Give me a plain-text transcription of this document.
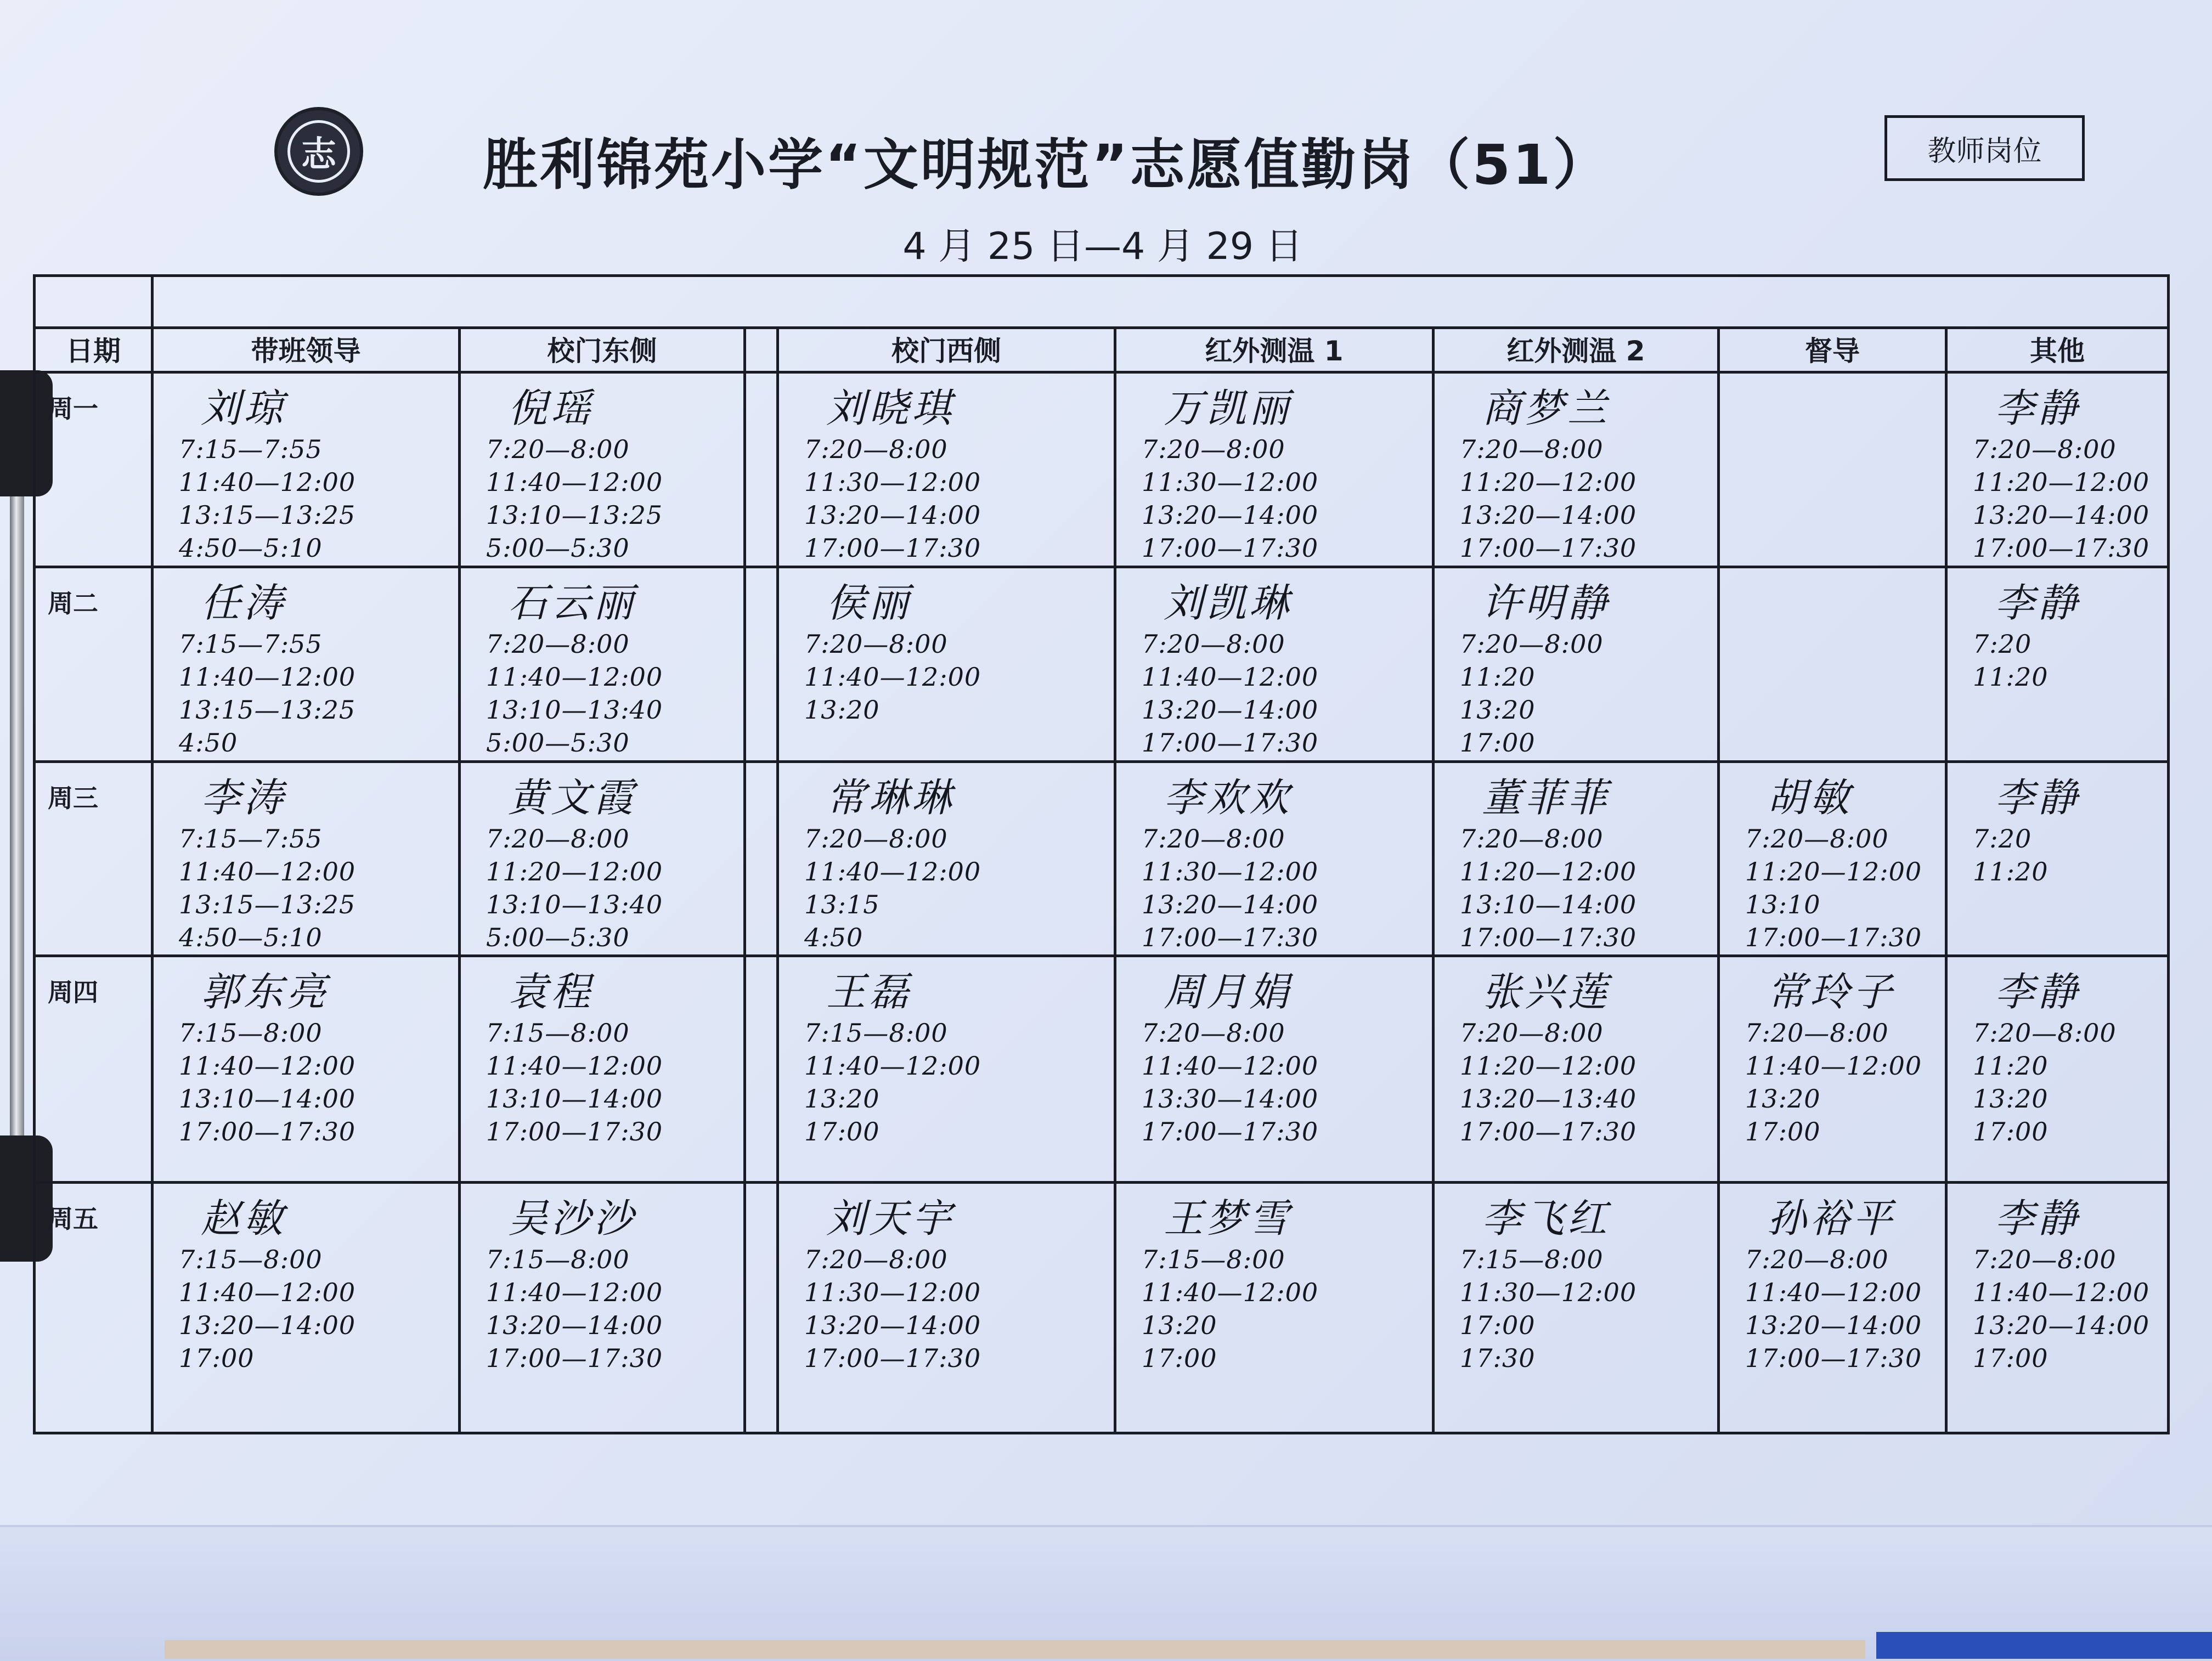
志	胜利锦苑小学“文明规范”志愿值勤岗（51）
4 月 25 日—4 月 29 日
教师岗位

日期	带班领导	校门东侧		校门西侧	红外测温 1	红外测温 2	督导	其他
周一	刘琼
7:15—7:55
11:40—12:00
13:15—13:25
4:50—5:10	倪瑶
7:20—8:00
11:40—12:00
13:10—13:25
5:00—5:30		刘晓琪
7:20—8:00
11:30—12:00
13:20—14:00
17:00—17:30	万凯丽
7:20—8:00
11:30—12:00
13:20—14:00
17:00—17:30	商梦兰
7:20—8:00
11:20—12:00
13:20—14:00
17:00—17:30		李静
7:20—8:00
11:20—12:00
13:20—14:00
17:00—17:30

周二	任涛
7:15—7:55
11:40—12:00
13:15—13:25
4:50	石云丽
7:20—8:00
11:40—12:00
13:10—13:40
5:00—5:30		侯丽
7:20—8:00
11:40—12:00
13:20	刘凯琳
7:20—8:00
11:40—12:00
13:20—14:00
17:00—17:30	许明静
7:20—8:00
11:20
13:20
17:00		李静
7:20
11:20

周三	李涛
7:15—7:55
11:40—12:00
13:15—13:25
4:50—5:10	黄文霞
7:20—8:00
11:20—12:00
13:10—13:40
5:00—5:30		常琳琳
7:20—8:00
11:40—12:00
13:15
4:50	李欢欢
7:20—8:00
11:30—12:00
13:20—14:00
17:00—17:30	董菲菲
7:20—8:00
11:20—12:00
13:10—14:00
17:00—17:30	胡敏
7:20—8:00
11:20—12:00
13:10
17:00—17:30	李静
7:20
11:20

周四	郭东亮
7:15—8:00
11:40—12:00
13:10—14:00
17:00—17:30	袁程
7:15—8:00
11:40—12:00
13:10—14:00
17:00—17:30		王磊
7:15—8:00
11:40—12:00
13:20
17:00	周月娟
7:20—8:00
11:40—12:00
13:30—14:00
17:00—17:30	张兴莲
7:20—8:00
11:20—12:00
13:20—13:40
17:00—17:30	常玲子
7:20—8:00
11:40—12:00
13:20
17:00	李静
7:20—8:00
11:20
13:20
17:00

周五	赵敏
7:15—8:00
11:40—12:00
13:20—14:00
17:00	吴沙沙
7:15—8:00
11:40—12:00
13:20—14:00
17:00—17:30		刘天宇
7:20—8:00
11:30—12:00
13:20—14:00
17:00—17:30	王梦雪
7:15—8:00
11:40—12:00
13:20
17:00	李飞红
7:15—8:00
11:30—12:00
17:00
17:30	孙裕平
7:20—8:00
11:40—12:00
13:20—14:00
17:00—17:30	李静
7:20—8:00
11:40—12:00
13:20—14:00
17:00
